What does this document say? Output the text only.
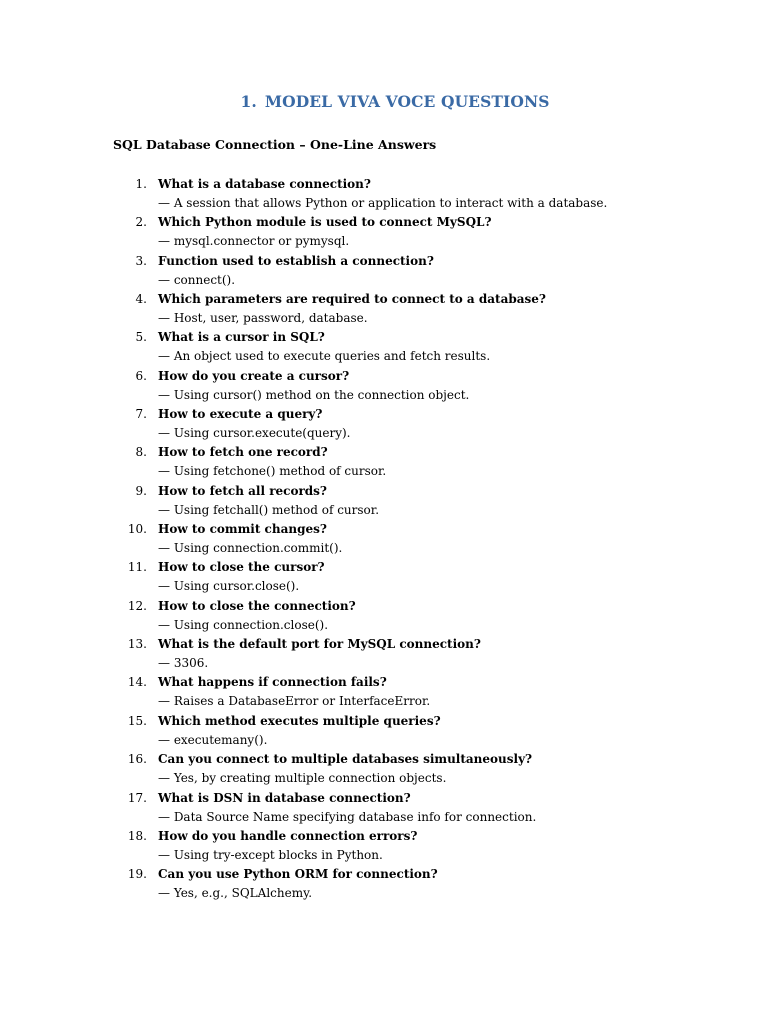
1. MODEL VIVA VOCE QUESTIONS
SQL Database Connection – One-Line Answers
1. What is a database connection?
— A session that allows Python or application to interact with a database.
2. Which Python module is used to connect MySQL?
— mysql.connector or pymysql.
3. Function used to establish a connection?
— connect().
4. Which parameters are required to connect to a database?
— Host, user, password, database.
5. What is a cursor in SQL?
— An object used to execute queries and fetch results.
6. How do you create a cursor?
— Using cursor() method on the connection object.
7. How to execute a query?
— Using cursor.execute(query).
8. How to fetch one record?
— Using fetchone() method of cursor.
9. How to fetch all records?
— Using fetchall() method of cursor.
10. How to commit changes?
— Using connection.commit().
11. How to close the cursor?
— Using cursor.close().
12. How to close the connection?
— Using connection.close().
13. What is the default port for MySQL connection?
— 3306.
14. What happens if connection fails?
— Raises a DatabaseError or InterfaceError.
15. Which method executes multiple queries?
— executemany().
16. Can you connect to multiple databases simultaneously?
— Yes, by creating multiple connection objects.
17. What is DSN in database connection?
— Data Source Name specifying database info for connection.
18. How do you handle connection errors?
— Using try-except blocks in Python.
19. Can you use Python ORM for connection?
— Yes, e.g., SQLAlchemy.
